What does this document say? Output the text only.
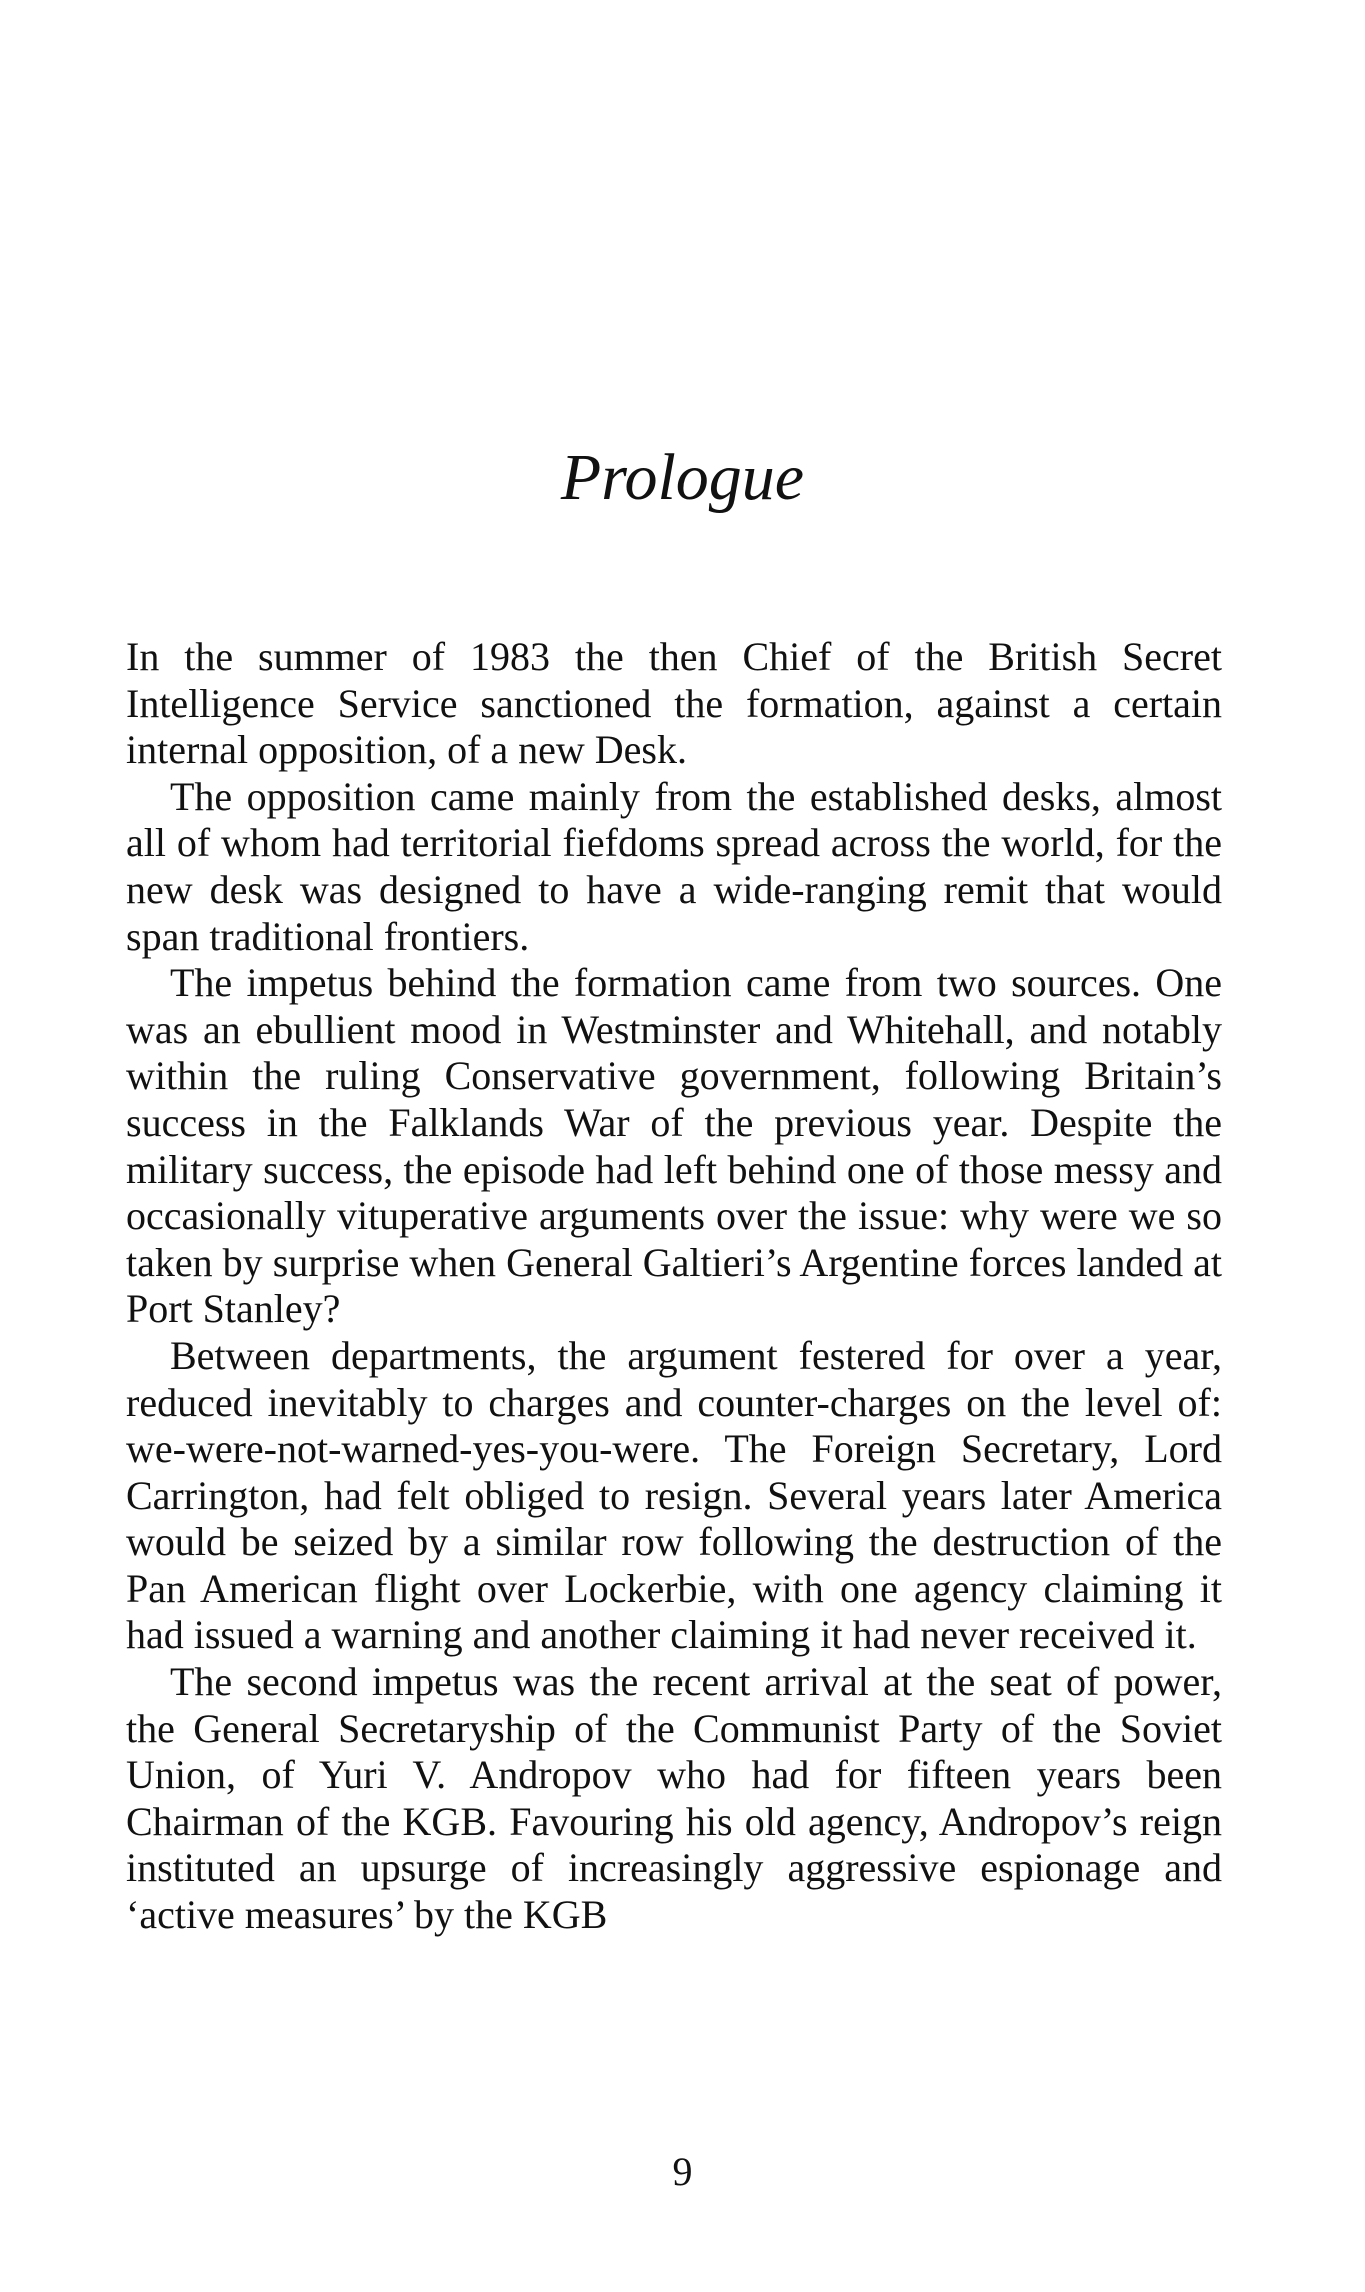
Prologue

In the summer of 1983 the then Chief of the British Secret Intelligence Service sanctioned the formation, against a certain internal opposition, of a new Desk.

The opposition came mainly from the established desks, almost all of whom had territorial fiefdoms spread across the world, for the new desk was designed to have a wide-ranging remit that would span traditional frontiers.

The impetus behind the formation came from two sources. One was an ebullient mood in Westminster and Whitehall, and notably within the ruling Conservative government, following Britain’s success in the Falklands War of the previous year. Despite the military success, the episode had left behind one of those messy and occasionally vituperative arguments over the issue: why were we so taken by surprise when General Galtieri’s Argentine forces landed at Port Stanley?

Between departments, the argument festered for over a year, reduced inevitably to charges and counter-charges on the level of: we-were-not-warned-yes-you-were. The Foreign Secretary, Lord Carrington, had felt obliged to resign. Several years later America would be seized by a similar row following the destruction of the Pan American flight over Lockerbie, with one agency claiming it had issued a warning and another claiming it had never received it.

The second impetus was the recent arrival at the seat of power, the General Secretaryship of the Communist Party of the Soviet Union, of Yuri V. Andropov who had for fifteen years been Chairman of the KGB. Favouring his old agency, Andropov’s reign instituted an upsurge of increasingly aggressive espionage and ‘active measures’ by the KGB

9
